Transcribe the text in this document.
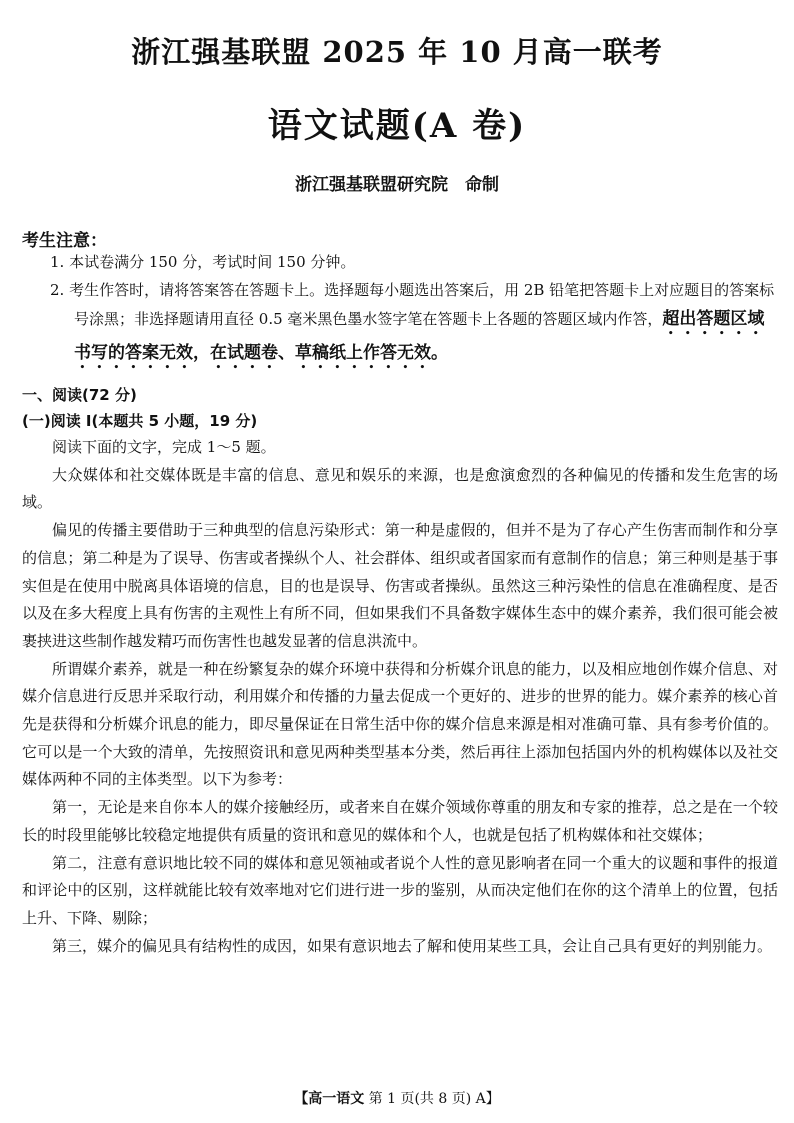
浙江强基联盟 2025 年 10 月高一联考
语文试题(A 卷)
浙江强基联盟研究院　命制
考生注意：
1. 本试卷满分 150 分，考试时间 150 分钟。
2. 考生作答时，请将答案答在答题卡上。选择题每小题选出答案后，用 2B 铅笔把答题卡上对应题目的答案标号涂黑；非选择题请用直径 0.5 毫米黑色墨水签字笔在答题卡上各题的答题区域内作答，超出答题区域书写的答案无效，在试题卷、草稿纸上作答无效。
一、阅读(72 分)
(一)阅读 Ⅰ(本题共 5 小题，19 分)

阅读下面的文字，完成 1～5 题。

大众媒体和社交媒体既是丰富的信息、意见和娱乐的来源，也是愈演愈烈的各种偏见的传播和发生危害的场域。

偏见的传播主要借助于三种典型的信息污染形式：第一种是虚假的，但并不是为了存心产生伤害而制作和分享的信息；第二种是为了误导、伤害或者操纵个人、社会群体、组织或者国家而有意制作的信息；第三种则是基于事实但是在使用中脱离具体语境的信息，目的也是误导、伤害或者操纵。虽然这三种污染性的信息在准确程度、是否以及在多大程度上具有伤害的主观性上有所不同，但如果我们不具备数字媒体生态中的媒介素养，我们很可能会被裹挟进这些制作越发精巧而伤害性也越发显著的信息洪流中。

所谓媒介素养，就是一种在纷繁复杂的媒介环境中获得和分析媒介讯息的能力，以及相应地创作媒介信息、对媒介信息进行反思并采取行动，利用媒介和传播的力量去促成一个更好的、进步的世界的能力。媒介素养的核心首先是获得和分析媒介讯息的能力，即尽量保证在日常生活中你的媒介信息来源是相对准确可靠、具有参考价值的。它可以是一个大致的清单，先按照资讯和意见两种类型基本分类，然后再往上添加包括国内外的机构媒体以及社交媒体两种不同的主体类型。以下为参考：

第一，无论是来自你本人的媒介接触经历，或者来自在媒介领域你尊重的朋友和专家的推荐，总之是在一个较长的时段里能够比较稳定地提供有质量的资讯和意见的媒体和个人，也就是包括了机构媒体和社交媒体；

第二，注意有意识地比较不同的媒体和意见领袖或者说个人性的意见影响者在同一个重大的议题和事件的报道和评论中的区别，这样就能比较有效率地对它们进行进一步的鉴别，从而决定他们在你的这个清单上的位置，包括上升、下降、剔除；

第三，媒介的偏见具有结构性的成因，如果有意识地去了解和使用某些工具，会让自己具有更好的判别能力。

【高一语文 第 1 页(共 8 页) A】
